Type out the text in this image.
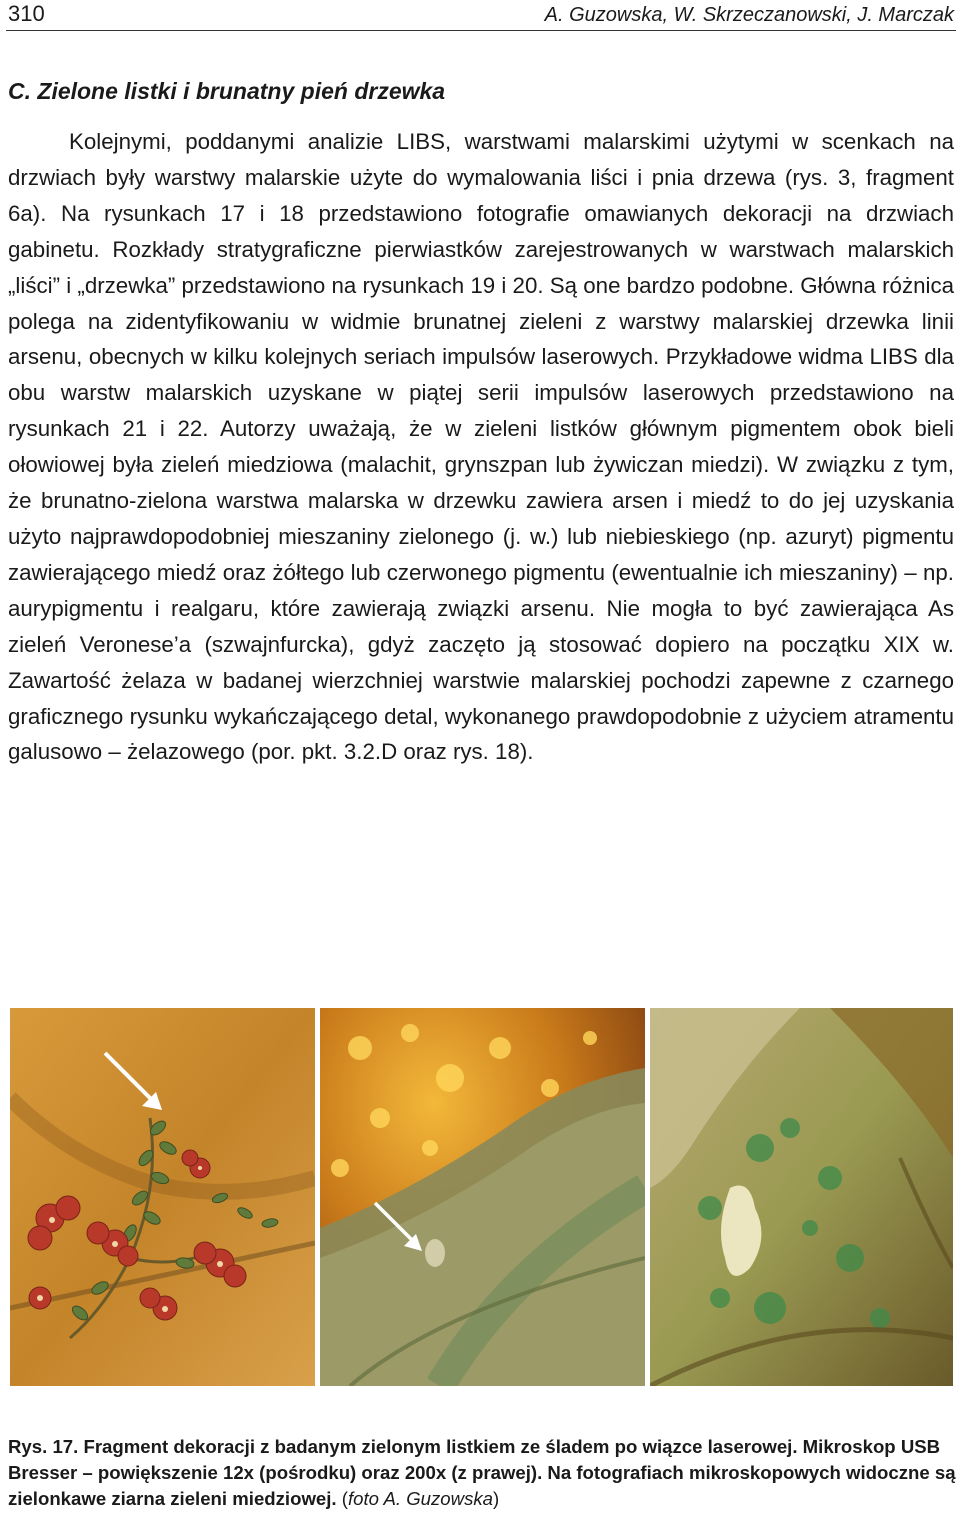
310	A. Guzowska, W. Skrzeczanowski, J. Marczak
C. Zielone listki i brunatny pień drzewka

Kolejnymi, poddanymi analizie LIBS, warstwami malarskimi użytymi w scenkach na drzwiach były warstwy malarskie użyte do wymalowania liści i pnia drzewa (rys. 3, fragment 6a). Na rysunkach 17 i 18 przedstawiono fotografie omawianych dekoracji na drzwiach gabinetu. Rozkłady stratygraficzne pierwiastków zarejestrowanych w warstwach malarskich „liści” i „drzewka” przedstawiono na rysunkach 19 i 20. Są one bardzo podobne. Główna różnica polega na zidentyfikowaniu w widmie brunatnej zieleni z warstwy malarskiej drzewka linii arsenu, obecnych w kilku kolejnych seriach impulsów laserowych. Przykładowe widma LIBS dla obu warstw malarskich uzyskane w piątej serii impulsów laserowych przedstawiono na rysunkach 21 i 22. Autorzy uważają, że w zieleni listków głównym pigmentem obok bieli ołowiowej była zieleń miedziowa (malachit, grynszpan lub żywiczan miedzi). W związku z tym, że brunatno-zielona warstwa malarska w drzewku zawiera arsen i miedź to do jej uzyskania użyto najprawdopodobniej mieszaniny zielonego (j. w.) lub niebieskiego (np. azuryt) pigmentu zawierającego miedź oraz żółtego lub czerwonego pigmentu (ewentualnie ich mieszaniny) – np. aurypigmentu i realgaru, które zawierają związki arsenu. Nie mogła to być zawierająca As zieleń Veronese’a (szwajnfurcka), gdyż zaczęto ją stosować dopiero na początku XIX w. Zawartość żelaza w badanej wierzchniej warstwie malarskiej pochodzi zapewne z czarnego graficznego rysunku wykańczającego detal, wykonanego prawdopodobnie z użyciem atramentu galusowo – żelazowego (por. pkt. 3.2.D oraz rys. 18).

Rys. 17. Fragment dekoracji z badanym zielonym listkiem ze śladem po wiązce laserowej. Mikroskop USB Bresser – powiększenie 12x (pośrodku) oraz 200x (z prawej). Na fotografiach mikroskopowych widoczne są zielonkawe ziarna zieleni miedziowej. (foto A. Guzowska)
